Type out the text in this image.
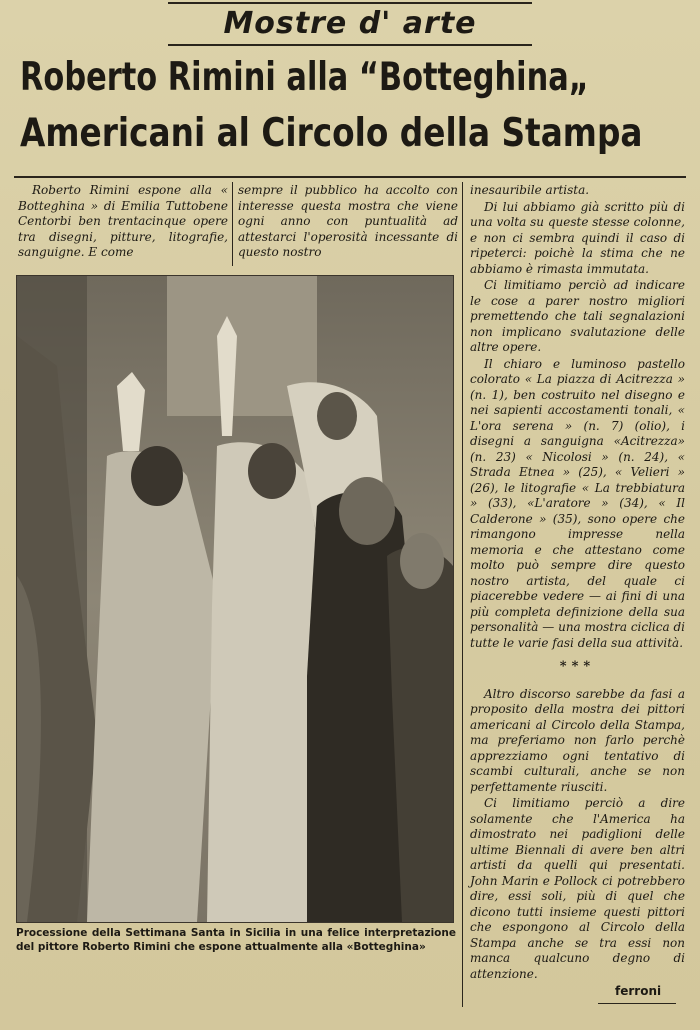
Mostre d' arte
Roberto Rimini alla “Botteghina„
Americani al Circolo della Stampa

Roberto Rimini espone alla « Botteghina » di Emilia Tuttobene Centorbi ben trentacinque opere tra disegni, pitture, litografie, sanguigne. E come

sempre il pubblico ha accolto con interesse questa mostra che viene ogni anno con puntualità ad attestarci l'operosità incessante di questo nostro

Processione della Settimana Santa in Sicilia in una felice interpretazione del pittore Roberto Rimini che espone attualmente alla «Botteghina»

inesauribile artista.

Di lui abbiamo già scritto più di una volta su queste stesse colonne, e non ci sembra quindi il caso di ripeterci: poichè la stima che ne abbiamo è rimasta immutata.

Ci limitiamo perciò ad indicare le cose a parer nostro migliori premettendo che tali segnalazioni non implicano svalutazione delle altre opere.

Il chiaro e luminoso pastello colorato « La piazza di Acitrezza » (n. 1), ben costruito nel disegno e nei sapienti accostamenti tonali, « L'ora serena » (n. 7) (olio), i disegni a sanguigna «Acitrezza» (n. 23) « Nicolosi » (n. 24), « Strada Etnea » (25), « Velieri » (26), le litografie « La trebbiatura » (33), «L'aratore » (34), « Il Calderone » (35), sono opere che rimangono impresse nella memoria e che attestano come molto può sempre dire questo nostro artista, del quale ci piacerebbe vedere — ai fini di una più completa definizione della sua personalità — una mostra ciclica di tutte le varie fasi della sua attività.

***

Altro discorso sarebbe da fasi a proposito della mostra dei pittori americani al Circolo della Stampa, ma preferiamo non farlo perchè apprezziamo ogni tentativo di scambi culturali, anche se non perfettamente riusciti.

Ci limitiamo perciò a dire solamente che l'America ha dimostrato nei padiglioni delle ultime Biennali di avere ben altri artisti da quelli qui presentati. John Marin e Pollock ci potrebbero dire, essi soli, più di quel che dicono tutti insieme questi pittori che espongono al Circolo della Stampa anche se tra essi non manca qualcuno degno di attenzione.

ferroni
